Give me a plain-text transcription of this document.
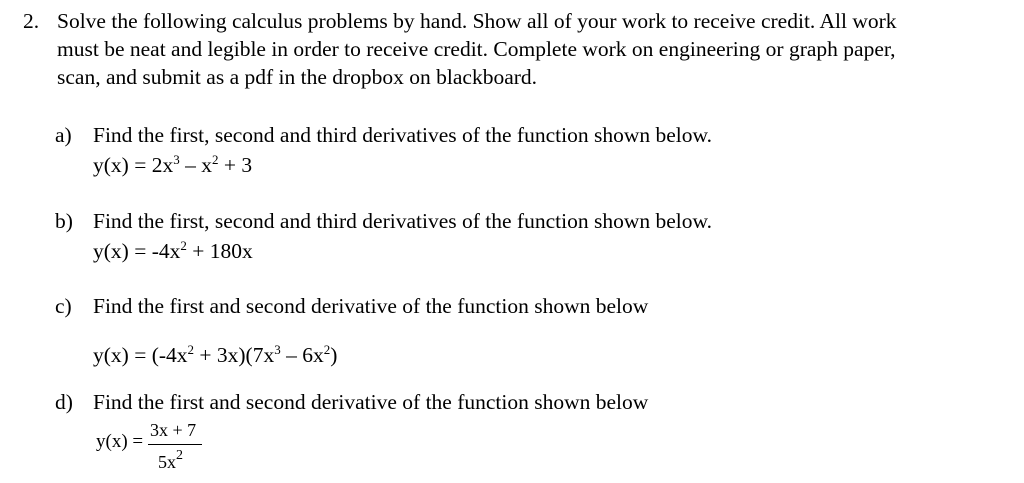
2. Solve the following calculus problems by hand. Show all of your work to receive credit. All work
must be neat and legible in order to receive credit. Complete work on engineering or graph paper,
scan, and submit as a pdf in the dropbox on blackboard.
a) Find the first, second and third derivatives of the function shown below.
$y(x) = 2x^3 - x^2 + 3$
b) Find the first, second and third derivatives of the function shown below.
$y(x) = -4x^2 + 180x$
c) Find the first and second derivative of the function shown below
$y(x) = (-4x^2 + 3x)(7x^3 - 6x^2)$
d) Find the first and second derivative of the function shown below
y(x) =
3x + 7
$5x^2$
